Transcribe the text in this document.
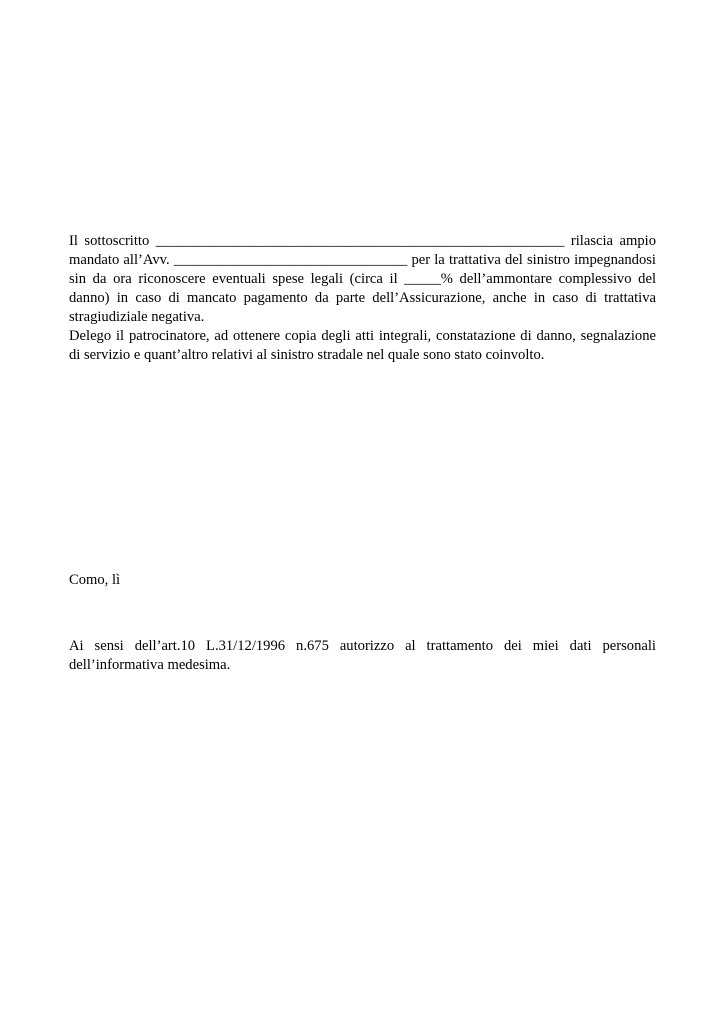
Il sottoscritto ________________________________________________________ rilascia ampio mandato all’Avv. ________________________________ per la trattativa del sinistro impegnandosi sin da ora riconoscere eventuali spese legali (circa il _____% dell’ammontare complessivo del danno) in caso di mancato pagamento da parte dell’Assicurazione, anche in caso di trattativa stragiudiziale negativa.

Delego il patrocinatore, ad ottenere copia degli atti integrali, constatazione di danno, segnalazione di servizio e quant’altro relativi al sinistro stradale nel quale sono stato coinvolto.

Como, lì

Ai sensi dell’art.10 L.31/12/1996 n.675 autorizzo al trattamento dei miei dati personali dell’informativa medesima.
